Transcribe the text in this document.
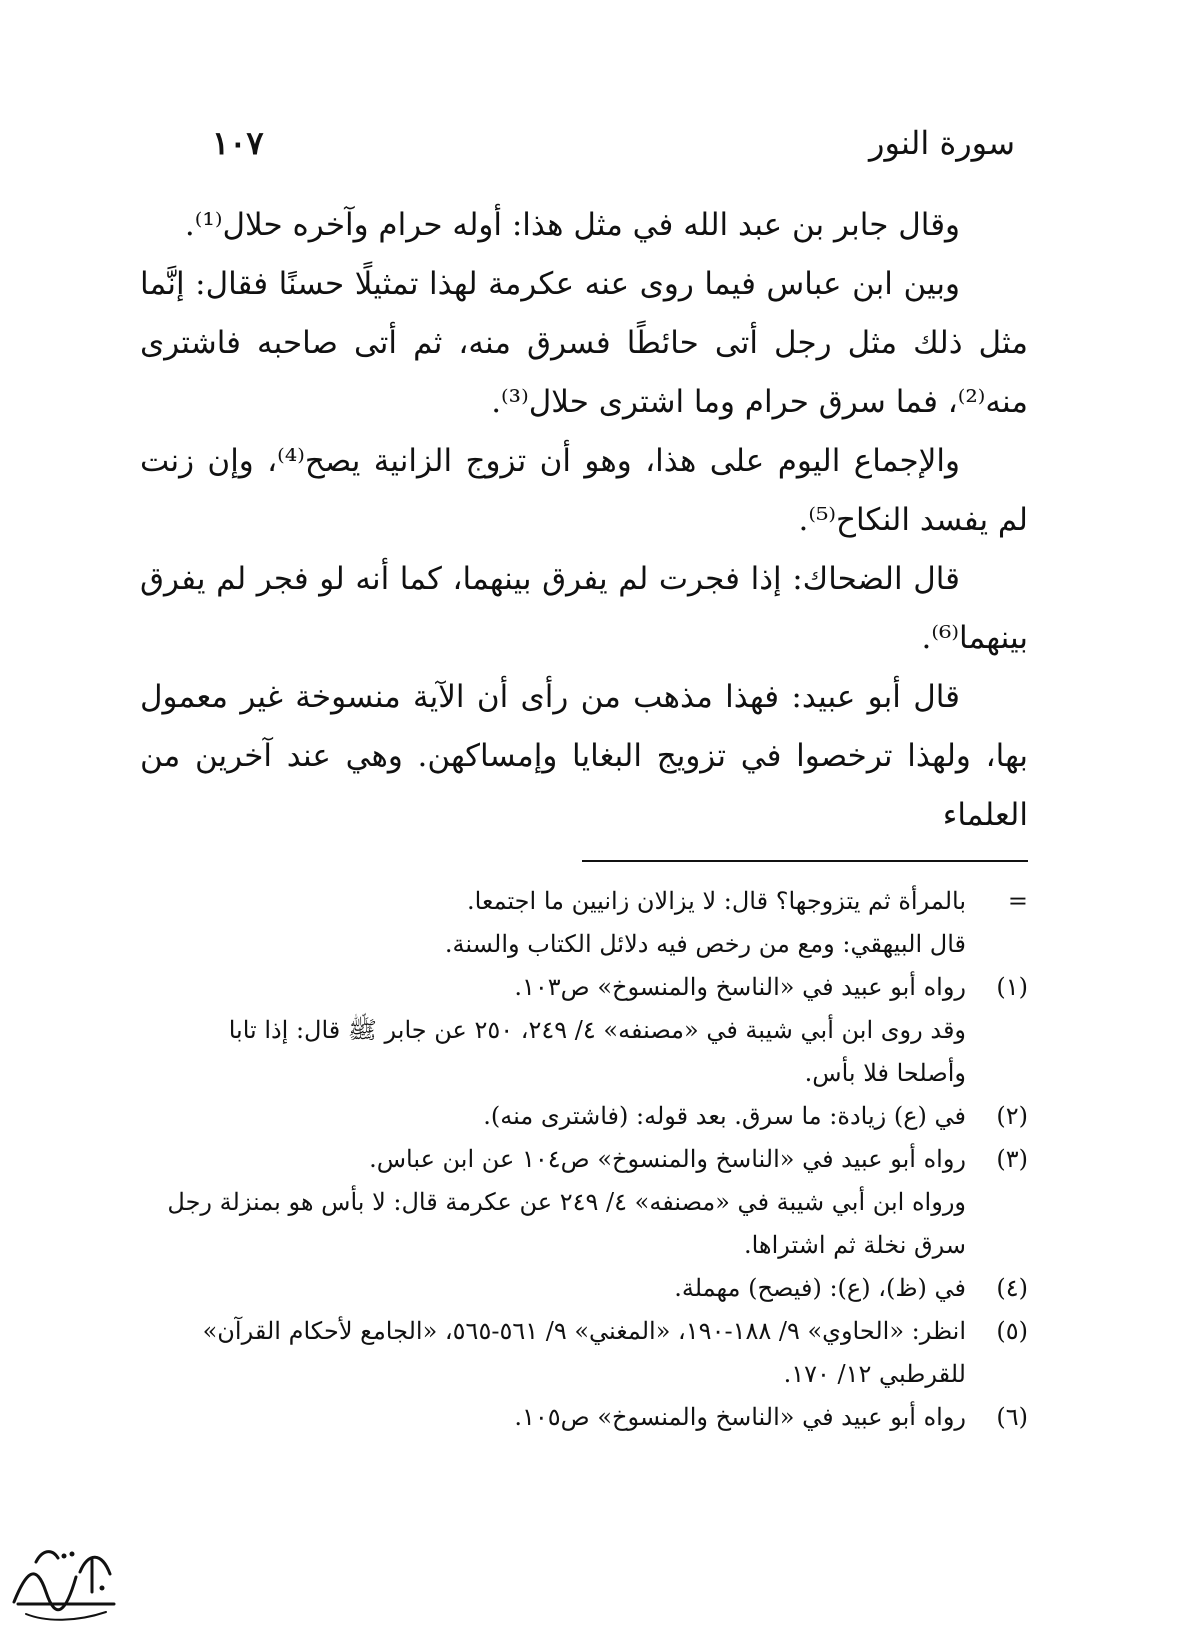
سورة النور
١٠٧

وقال جابر بن عبد الله في مثل هذا: أوله حرام وآخره حلال⁽¹⁾.

وبين ابن عباس فيما روى عنه عكرمة لهذا تمثيلًا حسنًا فقال: إنَّما مثل ذلك مثل رجل أتى حائطًا فسرق منه، ثم أتى صاحبه فاشترى منه⁽²⁾، فما سرق حرام وما اشترى حلال⁽³⁾.

والإجماع اليوم على هذا، وهو أن تزوج الزانية يصح⁽⁴⁾، وإن زنت لم يفسد النكاح⁽⁵⁾.

قال الضحاك: إذا فجرت لم يفرق بينهما، كما أنه لو فجر لم يفرق بينهما⁽⁶⁾.

قال أبو عبيد: فهذا مذهب من رأى أن الآية منسوخة غير معمول بها، ولهذا ترخصوا في تزويج البغايا وإمساكهن. وهي عند آخرين من العلماء

=
بالمرأة ثم يتزوجها؟ قال: لا يزالان زانيين ما اجتمعا.
قال البيهقي: ومع من رخص فيه دلائل الكتاب والسنة.
(١)
رواه أبو عبيد في «الناسخ والمنسوخ» ص١٠٣.
وقد روى ابن أبي شيبة في «مصنفه» ٤/ ٢٤٩، ٢٥٠ عن جابر ﷺ قال: إذا تابا وأصلحا فلا بأس.
(٢)
في (ع) زيادة: ما سرق. بعد قوله: (فاشترى منه).
(٣)
رواه أبو عبيد في «الناسخ والمنسوخ» ص١٠٤ عن ابن عباس.
ورواه ابن أبي شيبة في «مصنفه» ٤/ ٢٤٩ عن عكرمة قال: لا بأس هو بمنزلة رجل سرق نخلة ثم اشتراها.
(٤)
في (ظ)، (ع): (فيصح) مهملة.
(٥)
انظر: «الحاوي» ٩/ ١٨٨-١٩٠، «المغني» ٩/ ٥٦١-٥٦٥، «الجامع لأحكام القرآن» للقرطبي ١٢/ ١٧٠.
(٦)
رواه أبو عبيد في «الناسخ والمنسوخ» ص١٠٥.
